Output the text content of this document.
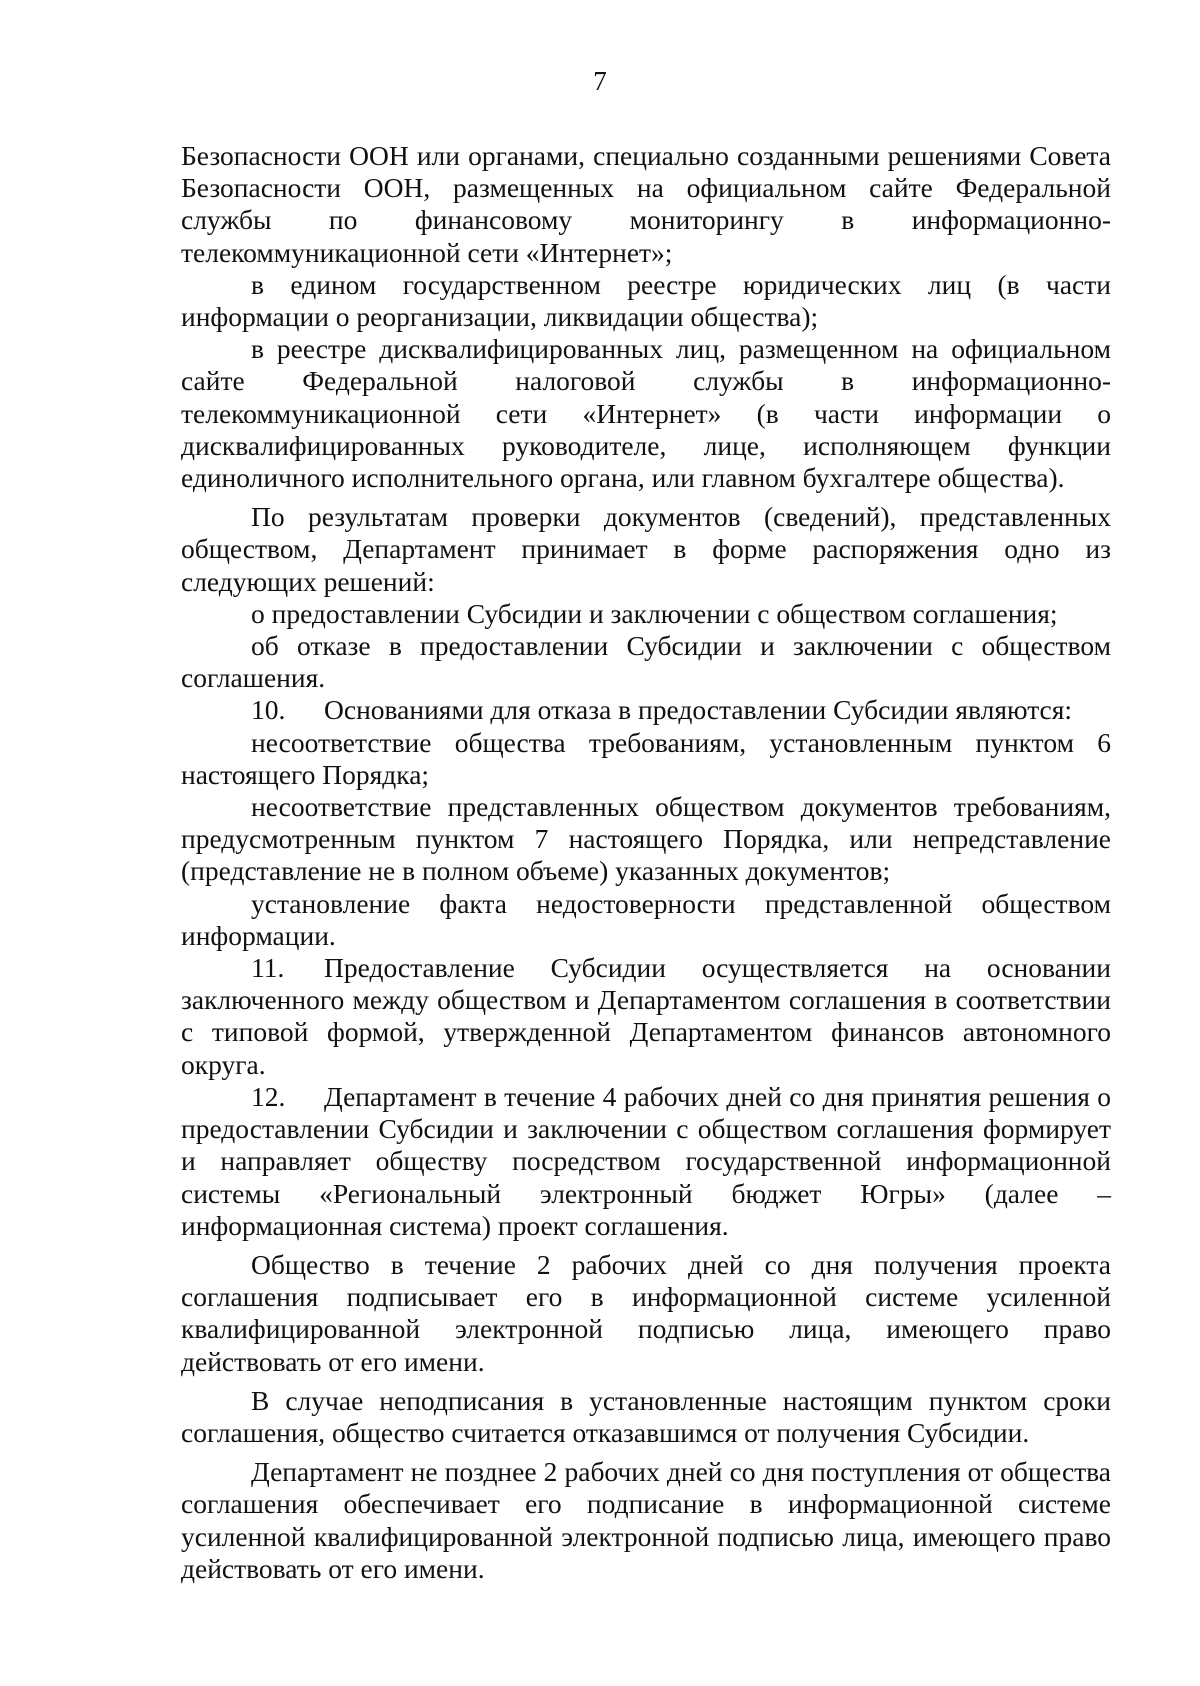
7

Безопасности ООН или органами, специально созданными решениями Совета Безопасности ООН, размещенных на официальном сайте Федеральной службы по финансовому мониторингу в информационно-телекоммуникационной сети «Интернет»;

в едином государственном реестре юридических лиц (в части информации о реорганизации, ликвидации общества);

в реестре дисквалифицированных лиц, размещенном на официальном сайте Федеральной налоговой службы в информационно-телекоммуникационной сети «Интернет» (в части информации о дисквалифицированных руководителе, лице, исполняющем функции единоличного исполнительного органа, или главном бухгалтере общества).

По результатам проверки документов (сведений), представленных обществом, Департамент принимает в форме распоряжения одно из следующих решений:

о предоставлении Субсидии и заключении с обществом соглашения;

об отказе в предоставлении Субсидии и заключении с обществом соглашения.

10. Основаниями для отказа в предоставлении Субсидии являются:

несоответствие общества требованиям, установленным пунктом 6 настоящего Порядка;

несоответствие представленных обществом документов требованиям, предусмотренным пунктом 7 настоящего Порядка, или непредставление (представление не в полном объеме) указанных документов;

установление факта недостоверности представленной обществом информации.

11. Предоставление Субсидии осуществляется на основании заключенного между обществом и Департаментом соглашения в соответствии с типовой формой, утвержденной Департаментом финансов автономного округа.

12. Департамент в течение 4 рабочих дней со дня принятия решения о предоставлении Субсидии и заключении с обществом соглашения формирует и направляет обществу посредством государственной информационной системы «Региональный электронный бюджет Югры» (далее – информационная система) проект соглашения.

Общество в течение 2 рабочих дней со дня получения проекта соглашения подписывает его в информационной системе усиленной квалифицированной электронной подписью лица, имеющего право действовать от его имени.

В случае неподписания в установленные настоящим пунктом сроки соглашения, общество считается отказавшимся от получения Субсидии.

Департамент не позднее 2 рабочих дней со дня поступления от общества соглашения обеспечивает его подписание в информационной системе усиленной квалифицированной электронной подписью лица, имеющего право действовать от его имени.
